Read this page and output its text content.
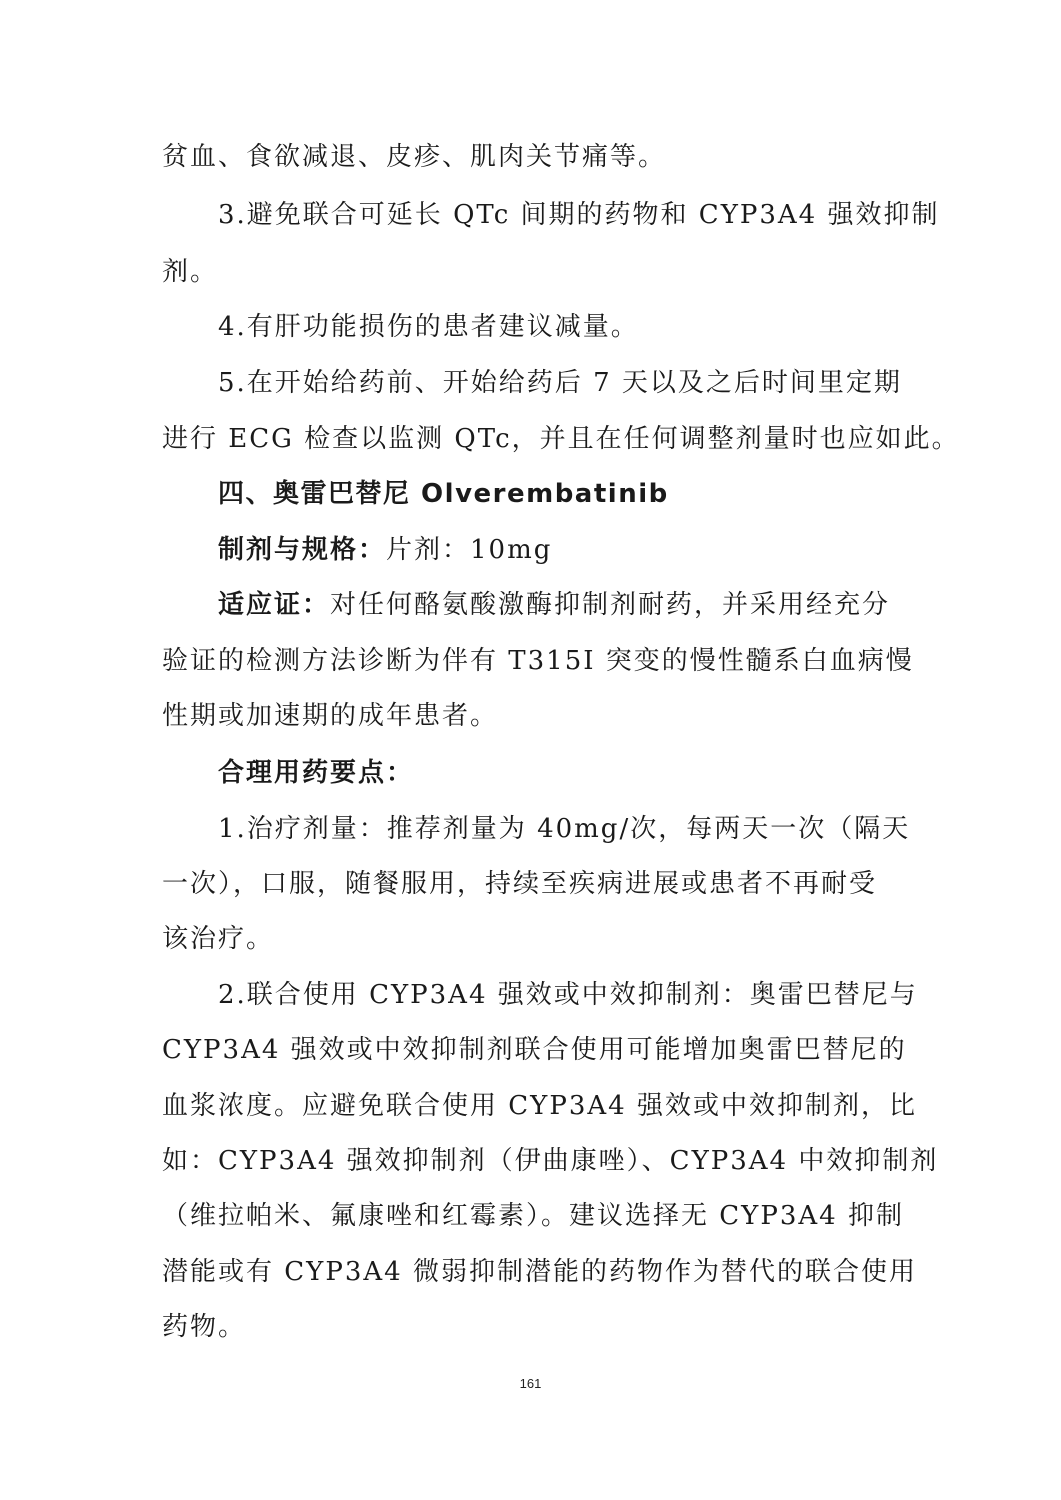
贫血、食欲减退、皮疹、肌肉关节痛等。
3.避免联合可延长 QTc 间期的药物和 CYP3A4 强效抑制
剂。
4.有肝功能损伤的患者建议减量。
5.在开始给药前、开始给药后 7 天以及之后时间里定期
进行 ECG 检查以监测 QTc，并且在任何调整剂量时也应如此。
四、奥雷巴替尼 Olverembatinib
制剂与规格：片剂：10mg
适应证：对任何酪氨酸激酶抑制剂耐药，并采用经充分
验证的检测方法诊断为伴有 T315I 突变的慢性髓系白血病慢
性期或加速期的成年患者。
合理用药要点：
1.治疗剂量：推荐剂量为 40mg/次，每两天一次（隔天
一次），口服，随餐服用，持续至疾病进展或患者不再耐受
该治疗。
2.联合使用 CYP3A4 强效或中效抑制剂：奥雷巴替尼与
CYP3A4 强效或中效抑制剂联合使用可能增加奥雷巴替尼的
血浆浓度。应避免联合使用 CYP3A4 强效或中效抑制剂，比
如：CYP3A4 强效抑制剂（伊曲康唑）、CYP3A4 中效抑制剂
（维拉帕米、氟康唑和红霉素）。建议选择无 CYP3A4 抑制
潜能或有 CYP3A4 微弱抑制潜能的药物作为替代的联合使用
药物。
161
